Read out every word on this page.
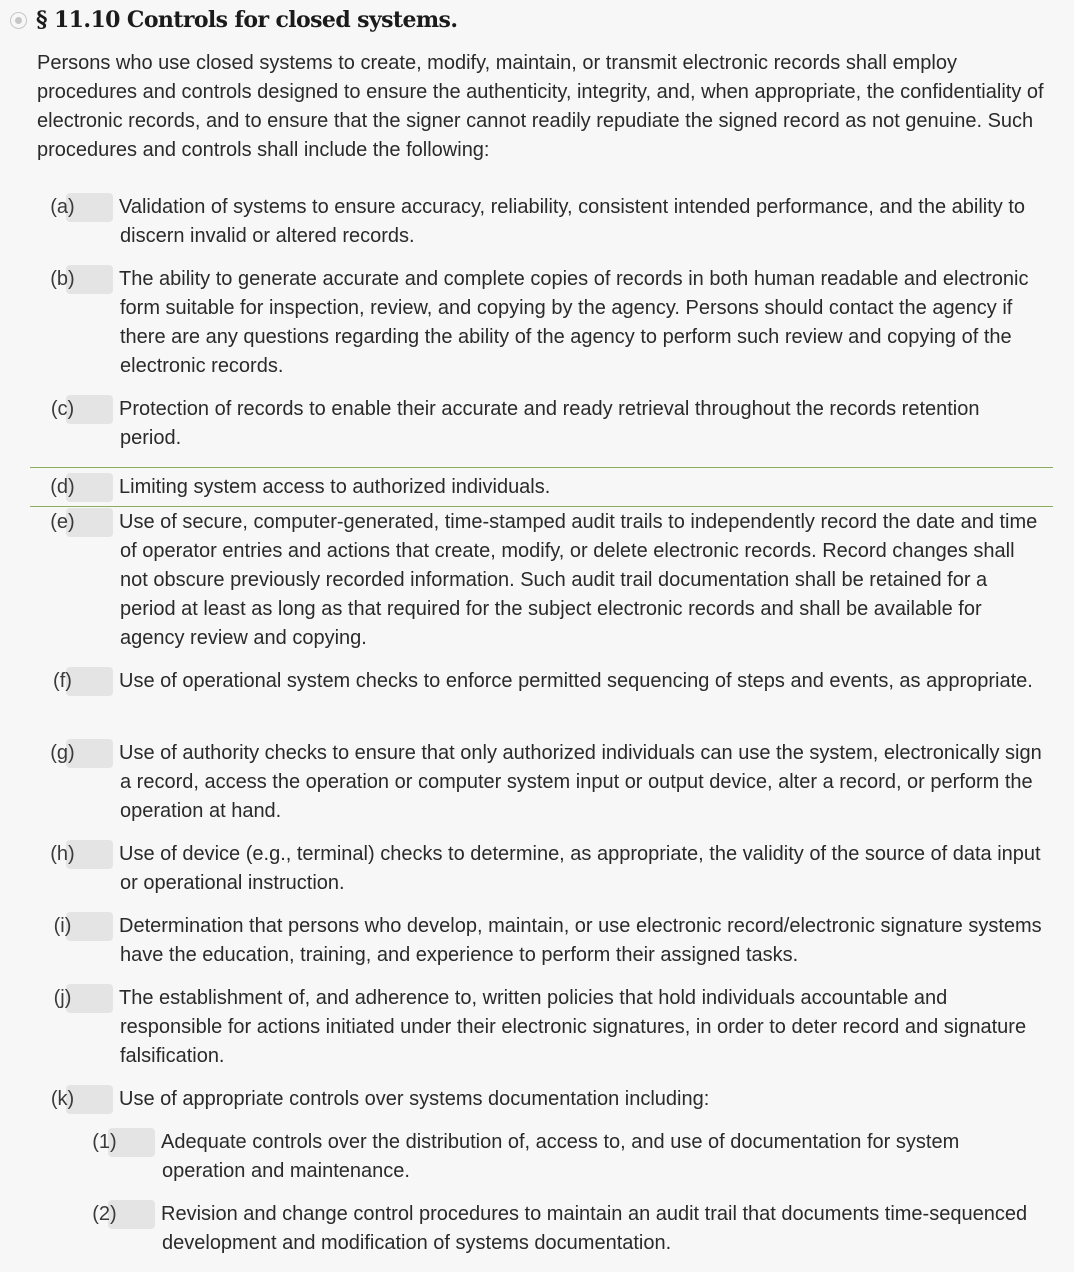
§ 11.10 Controls for closed systems.
Persons who use closed systems to create, modify, maintain, or transmit electronic records shall employ procedures and controls designed to ensure the authenticity, integrity, and, when appropriate, the confidentiality of electronic records, and to ensure that the signer cannot readily repudiate the signed record as not genuine. Such procedures and controls shall include the following:
(a) Validation of systems to ensure accuracy, reliability, consistent intended performance, and the ability to discern invalid or altered records.
(b) The ability to generate accurate and complete copies of records in both human readable and electronic form suitable for inspection, review, and copying by the agency. Persons should contact the agency if there are any questions regarding the ability of the agency to perform such review and copying of the electronic records.
(c) Protection of records to enable their accurate and ready retrieval throughout the records retention period.
(d) Limiting system access to authorized individuals.
(e) Use of secure, computer-generated, time-stamped audit trails to independently record the date and time of operator entries and actions that create, modify, or delete electronic records. Record changes shall not obscure previously recorded information. Such audit trail documentation shall be retained for a period at least as long as that required for the subject electronic records and shall be available for agency review and copying.
(f) Use of operational system checks to enforce permitted sequencing of steps and events, as appropriate.
(g) Use of authority checks to ensure that only authorized individuals can use the system, electronically sign a record, access the operation or computer system input or output device, alter a record, or perform the operation at hand.
(h) Use of device (e.g., terminal) checks to determine, as appropriate, the validity of the source of data input or operational instruction.
(i) Determination that persons who develop, maintain, or use electronic record/electronic signature systems have the education, training, and experience to perform their assigned tasks.
(j) The establishment of, and adherence to, written policies that hold individuals accountable and responsible for actions initiated under their electronic signatures, in order to deter record and signature falsification.
(k) Use of appropriate controls over systems documentation including:
(1) Adequate controls over the distribution of, access to, and use of documentation for system operation and maintenance.
(2) Revision and change control procedures to maintain an audit trail that documents time-sequenced development and modification of systems documentation.
